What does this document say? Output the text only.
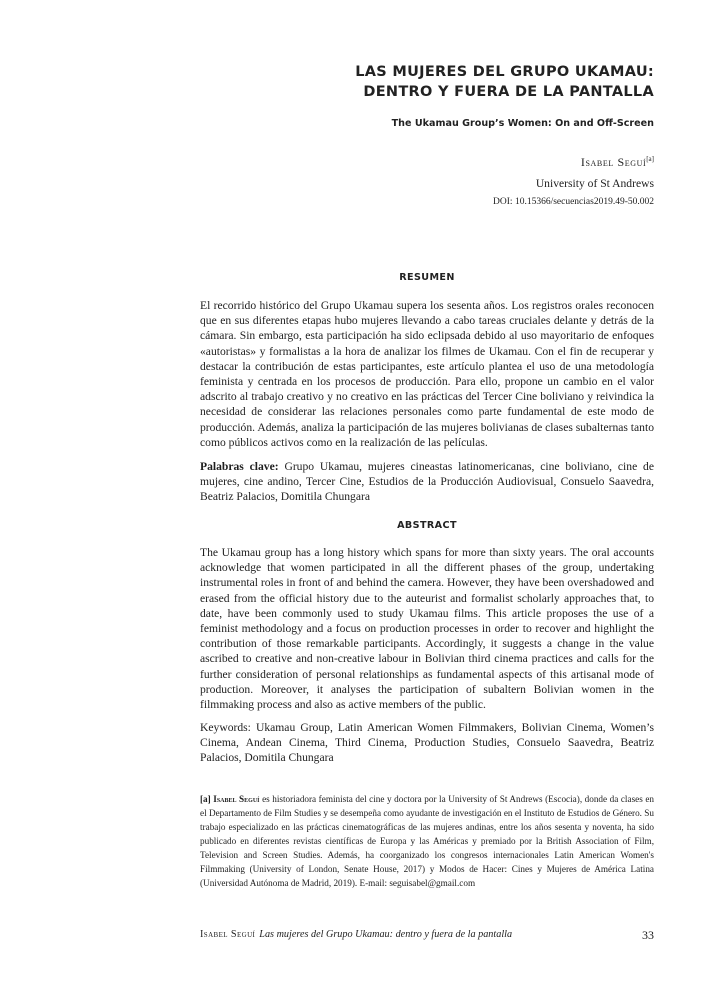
LAS MUJERES DEL GRUPO UKAMAU:
DENTRO Y FUERA DE LA PANTALLA
The Ukamau Group’s Women: On and Off-Screen
Isabel Seguí[a]
University of St Andrews
DOI: 10.15366/secuencias2019.49-50.002
RESUMEN

El recorrido histórico del Grupo Ukamau supera los sesenta años. Los registros orales reconocen que en sus diferentes etapas hubo mujeres llevando a cabo tareas cruciales delante y detrás de la cámara. Sin embargo, esta participación ha sido eclipsada debido al uso mayoritario de enfoques «autoristas» y formalistas a la hora de analizar los filmes de Ukamau. Con el fin de recuperar y destacar la contribución de estas participantes, este artículo plantea el uso de una metodología feminista y centrada en los procesos de producción. Para ello, propone un cambio en el valor adscrito al trabajo creativo y no creativo en las prácticas del Tercer Cine boliviano y reivindica la necesidad de considerar las relaciones personales como parte fundamental de este modo de producción. Además, analiza la participación de las mujeres bolivianas de clases subalternas tanto como públicos activos como en la realización de las películas.

Palabras clave: Grupo Ukamau, mujeres cineastas latinomericanas, cine boliviano, cine de mujeres, cine andino, Tercer Cine, Estudios de la Producción Audiovisual, Consuelo Saavedra, Beatriz Palacios, Domitila Chungara

ABSTRACT

The Ukamau group has a long history which spans for more than sixty years. The oral accounts acknowledge that women participated in all the different phases of the group, undertaking instrumental roles in front of and behind the camera. However, they have been overshadowed and erased from the official history due to the auteurist and formalist scholarly approaches that, to date, have been commonly used to study Ukamau films. This article proposes the use of a feminist methodology and a focus on production processes in order to recover and highlight the contribution of those remarkable participants. Accordingly, it suggests a change in the value ascribed to creative and non-creative labour in Bolivian third cinema practices and calls for the further consideration of personal relationships as fundamental aspects of this artisanal mode of production. Moreover, it analyses the participation of subaltern Bolivian women in the filmmaking process and also as active members of the public.

Keywords: Ukamau Group, Latin American Women Filmmakers, Bolivian Cinema, Women’s Cinema, Andean Cinema, Third Cinema, Production Studies, Consuelo Saavedra, Beatriz Palacios, Domitila Chungara

[a] Isabel Seguí es historiadora feminista del cine y doctora por la University of St Andrews (Escocia), donde da clases en el Departamento de Film Studies y se desempeña como ayudante de investigación en el Instituto de Estudios de Género. Su trabajo especializado en las prácticas cinematográficas de las mujeres andinas, entre los años sesenta y noventa, ha sido publicado en diferentes revistas científicas de Europa y las Américas y premiado por la British Association of Film, Television and Screen Studies. Además, ha coorganizado los congresos internacionales Latin American Women's Filmmaking (University of London, Senate House, 2017) y Modos de Hacer: Cines y Mujeres de América Latina (Universidad Autónoma de Madrid, 2019). E-mail: seguisabel@gmail.com

Isabel Seguí Las mujeres del Grupo Ukamau: dentro y fuera de la pantalla	33
